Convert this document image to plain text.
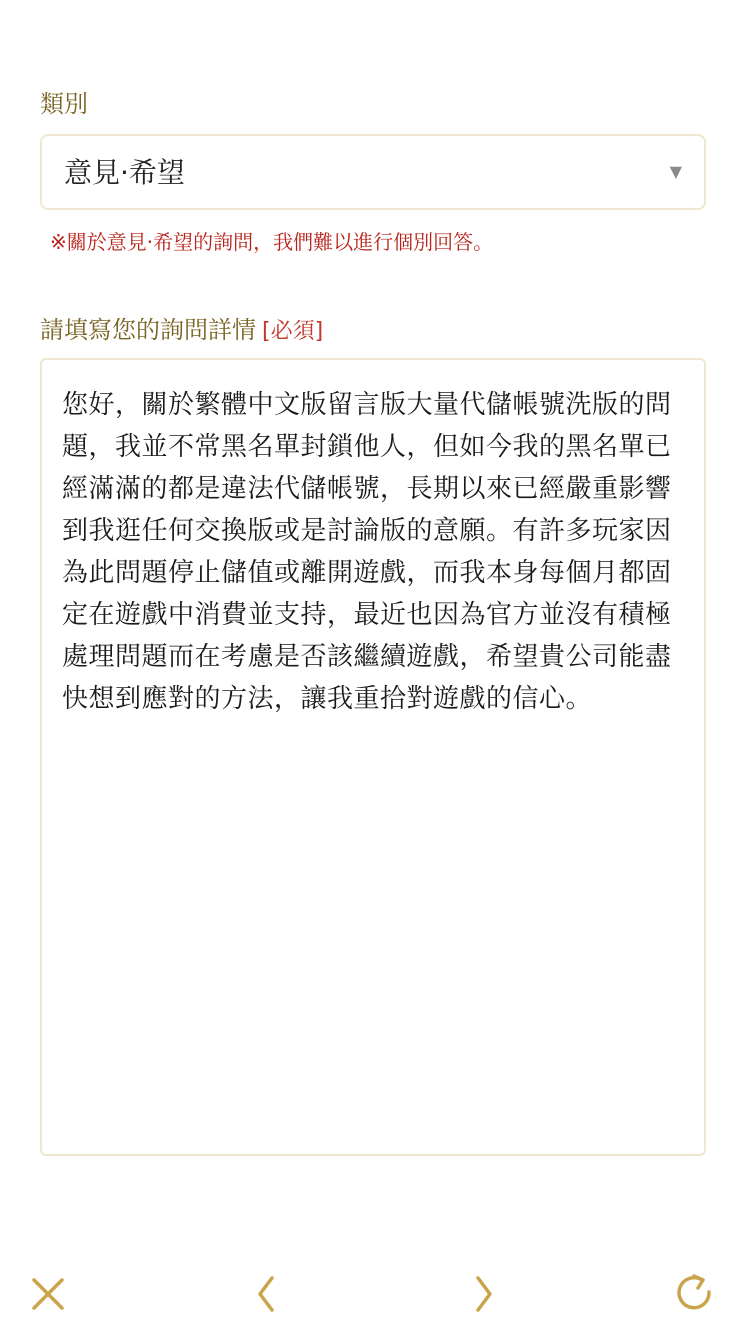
類別
意見·希望	▼
※關於意見·希望的詢問，我們難以進行個別回答。
請填寫您的詢問詳情 [必須]
您好，關於繁體中文版留言版大量代儲帳號洗版的問題，我並不常黑名單封鎖他人，但如今我的黑名單已經滿滿的都是違法代儲帳號，長期以來已經嚴重影響到我逛任何交換版或是討論版的意願。有許多玩家因為此問題停止儲值或離開遊戲，而我本身每個月都固定在遊戲中消費並支持，最近也因為官方並沒有積極處理問題而在考慮是否該繼續遊戲，希望貴公司能盡快想到應對的方法，讓我重拾對遊戲的信心。
